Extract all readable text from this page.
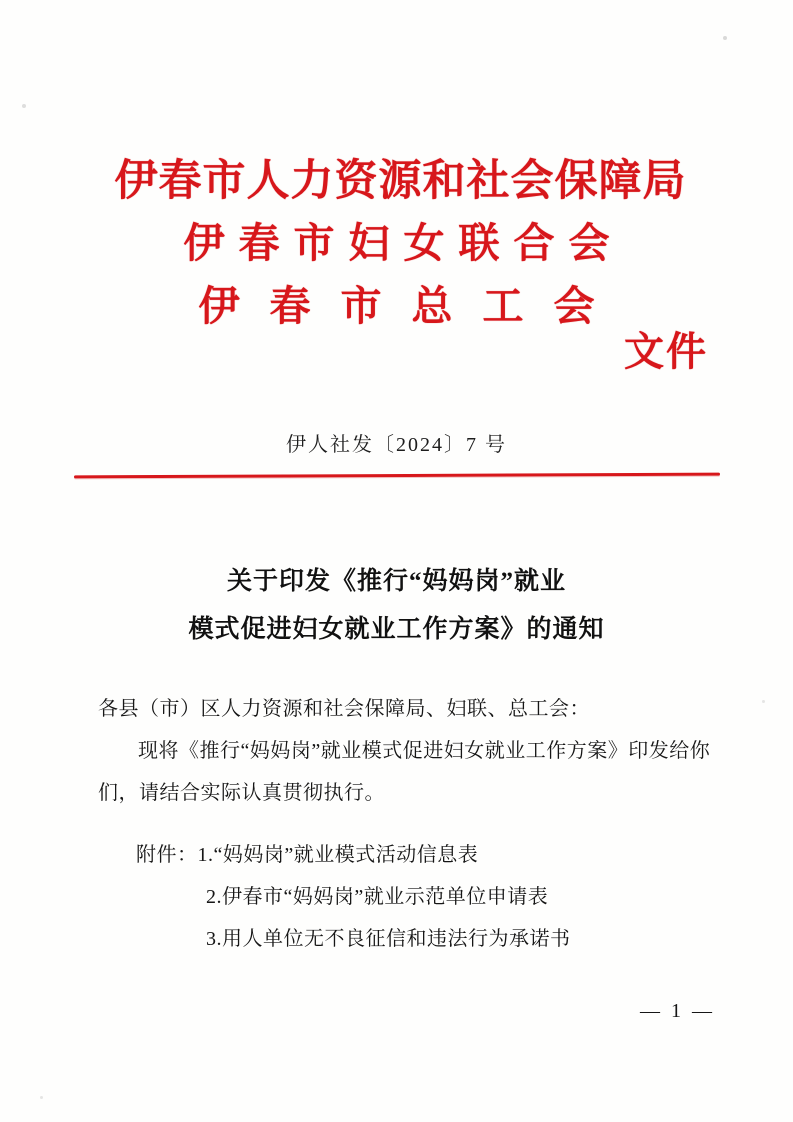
伊春市人力资源和社会保障局
伊春市妇女联合会
文件
伊春市总工会
伊人社发〔2024〕7 号
关于印发《推行“妈妈岗”就业
模式促进妇女就业工作方案》的通知
各县（市）区人力资源和社会保障局、妇联、总工会：
现将《推行“妈妈岗”就业模式促进妇女就业工作方案》印发给你们，请结合实际认真贯彻执行。
附件：1.“妈妈岗”就业模式活动信息表
2.伊春市“妈妈岗”就业示范单位申请表
3.用人单位无不良征信和违法行为承诺书
— 1 —
